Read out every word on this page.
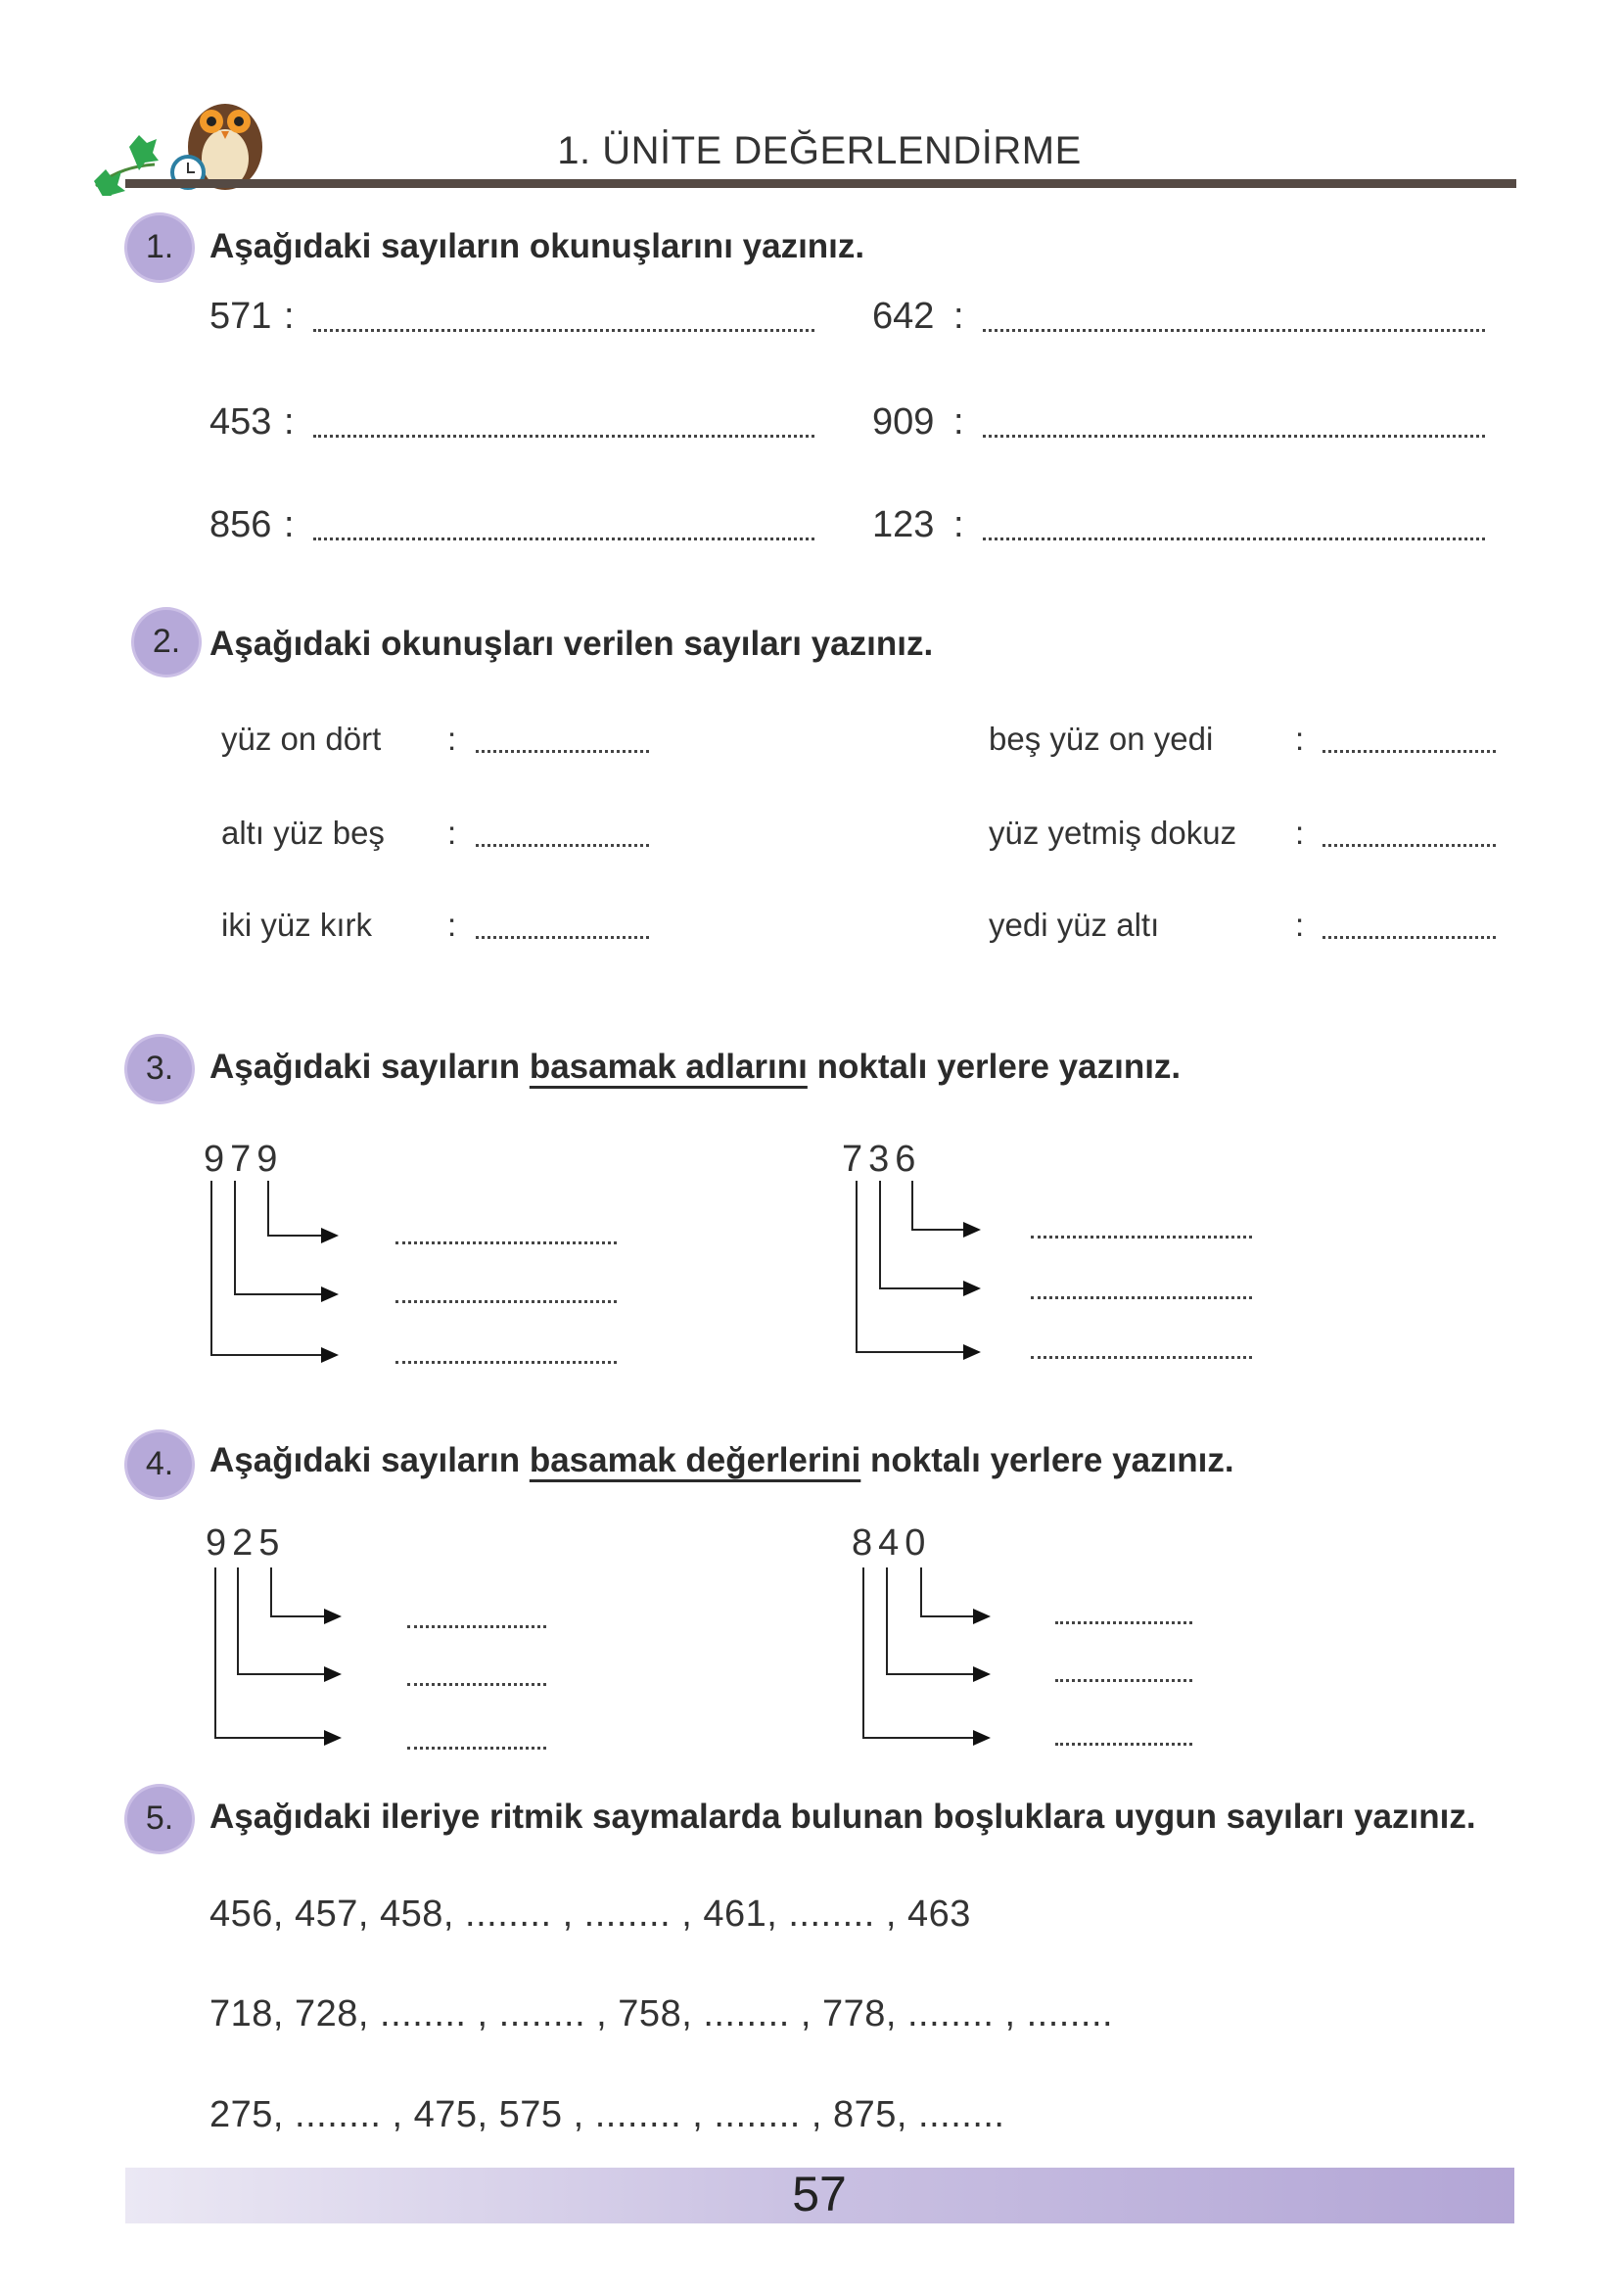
1. ÜNİTE DEĞERLENDİRME
1.	Aşağıdaki sayıların okunuşlarını yazınız.
571 :	642 :
453 :	909 :
856 :	123 :
2. Aşağıdaki okunuşları verilen sayıları yazınız.
yüz on dört :	beş yüz on yedi	:
altı yüz beş :	yüz yetmiş dokuz :
iki yüz kırk :	yedi yüz altı	:
3.	Aşağıdaki sayıların basamak adlarını noktalı yerlere yazınız.
979	736
925	840
4.	Aşağıdaki sayıların basamak değerlerini noktalı yerlere yazınız.
5.	Aşağıdaki ileriye ritmik saymalarda bulunan boşluklara uygun sayıları yazınız.
456, 457, 458, ........ , ........ , 461, ........ , 463
718, 728, ........ , ........ , 758, ........ , 778, ........ , ........
275, ........ , 475, 575 , ........ , ........ , 875, ........
57
